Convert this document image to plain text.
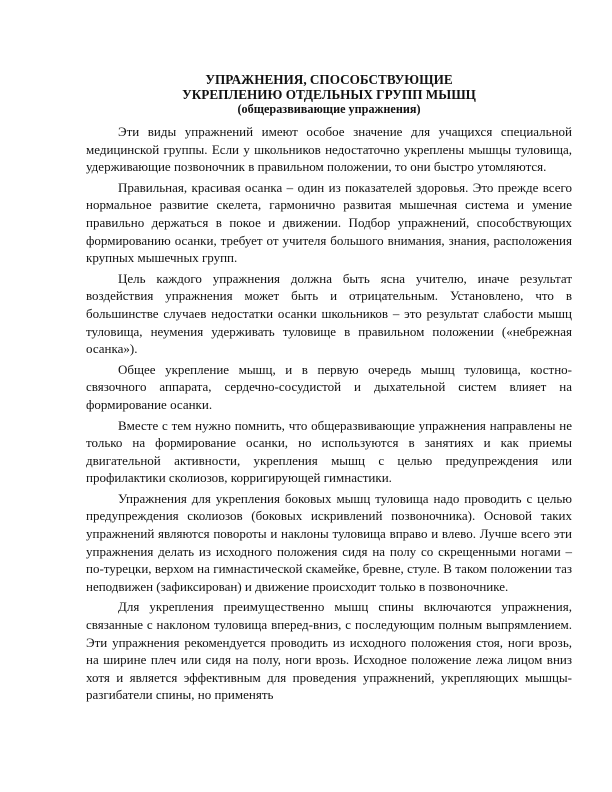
УПРАЖНЕНИЯ, СПОСОБСТВУЮЩИЕ

УКРЕПЛЕНИЮ ОТДЕЛЬНЫХ ГРУПП МЫШЦ

(общеразвивающие упражнения)

Эти виды упражнений имеют особое значение для учащихся специальной медицинской группы. Если у школьников недостаточно укреплены мышцы туловища, удерживающие позвоночник в правильном положении, то они быстро утомляются.

Правильная, красивая осанка – один из показателей здоровья. Это прежде всего нормальное развитие скелета, гармонично развитая мышечная система и умение правильно держаться в покое и движении. Подбор упражнений, способствующих формированию осанки, требует от учителя большого внимания, знания, расположения крупных мышечных групп.

Цель каждого упражнения должна быть ясна учителю, иначе результат воздействия упражнения может быть и отрицательным. Установлено, что в большинстве случаев недостатки осанки школьников – это результат слабости мышц туловища, неумения удерживать туловище в правильном положении («небрежная осанка»).

Общее укрепление мышц, и в первую очередь мышц туловища, костно-связочного аппарата, сердечно-сосудистой и дыхательной систем влияет на формирование осанки.

Вместе с тем нужно помнить, что общеразвивающие упражнения направлены не только на формирование осанки, но используются в занятиях и как приемы двигательной активности, укрепления мышц с целью предупреждения или профилактики сколиозов, корригирующей гимнастики.

Упражнения для укрепления боковых мышц туловища надо проводить с целью предупреждения сколиозов (боковых искривлений позвоночника). Основой таких упражнений являются повороты и наклоны туловища вправо и влево. Лучше всего эти упражнения делать из исходного положения сидя на полу со скрещенными ногами – по-турецки, верхом на гимнастической скамейке, бревне, стуле. В таком положении таз неподвижен (зафиксирован) и движение происходит только в позвоночнике.

Для укрепления преимущественно мышц спины включаются упражнения, связанные с наклоном туловища вперед-вниз, с последующим полным выпрямлением. Эти упражнения рекомендуется проводить из исходного положения стоя, ноги врозь, на ширине плеч или сидя на полу, ноги врозь. Исходное положение лежа лицом вниз хотя и является эффективным для проведения упражнений, укрепляющих мышцы-разгибатели спины, но применять
